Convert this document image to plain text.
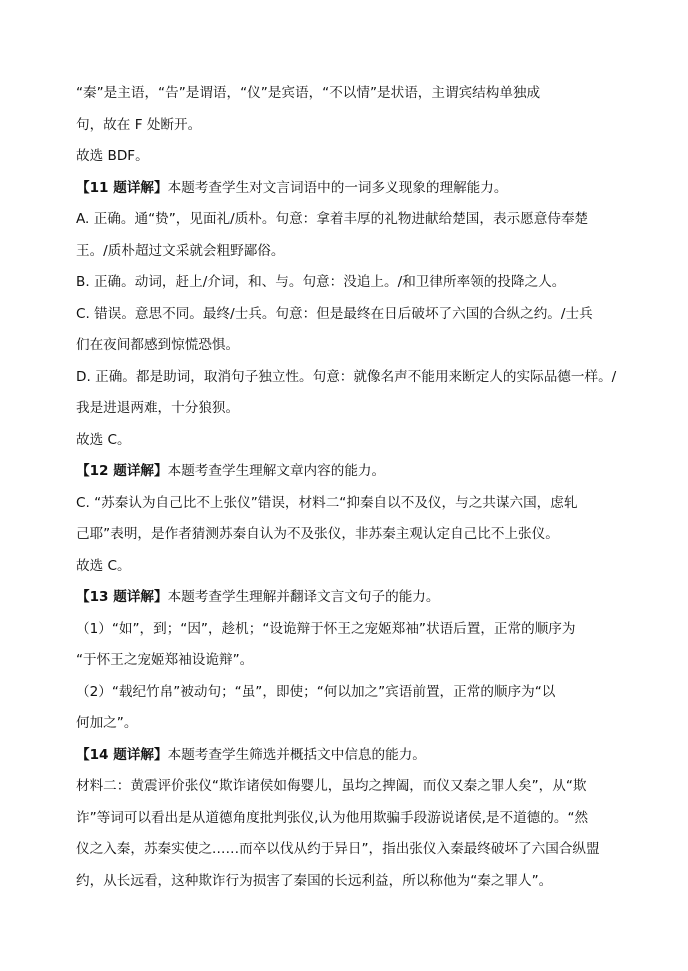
“秦”是主语，“告”是谓语，“仪”是宾语，“不以情”是状语，主谓宾结构单独成

句，故在 F 处断开。

故选 BDF。

【11 题详解】本题考查学生对文言词语中的一词多义现象的理解能力。

A. 正确。通“贽”，见面礼/质朴。句意：拿着丰厚的礼物进献给楚国，表示愿意侍奉楚

王。/质朴超过文采就会粗野鄙俗。

B. 正确。动词，赶上/介词，和、与。句意：没追上。/和卫律所率领的投降之人。

C. 错误。意思不同。最终/士兵。句意：但是最终在日后破坏了六国的合纵之约。/士兵

们在夜间都感到惊慌恐惧。

D. 正确。都是助词，取消句子独立性。句意：就像名声不能用来断定人的实际品德一样。/

我是进退两难，十分狼狈。

故选 C。

【12 题详解】本题考查学生理解文章内容的能力。

C. “苏秦认为自己比不上张仪”错误，材料二“抑秦自以不及仪，与之共谋六国，虑轧

己耶”表明，是作者猜测苏秦自认为不及张仪，非苏秦主观认定自己比不上张仪。

故选 C。

【13 题详解】本题考查学生理解并翻译文言文句子的能力。

（1）“如”，到；“因”，趁机；“设诡辩于怀王之宠姬郑袖”状语后置，正常的顺序为

“于怀王之宠姬郑袖设诡辩”。

（2）“载纪竹帛”被动句；“虽”，即使；“何以加之”宾语前置，正常的顺序为“以

何加之”。

【14 题详解】本题考查学生筛选并概括文中信息的能力。

材料二：黄震评价张仪“欺诈诸侯如侮婴儿，虽均之捭阖，而仪又秦之罪人矣”，从“欺

诈”等词可以看出是从道德角度批判张仪,认为他用欺骗手段游说诸侯,是不道德的。“然

仪之入秦，苏秦实使之……而卒以伐从约于异日”，指出张仪入秦最终破坏了六国合纵盟

约，从长远看，这种欺诈行为损害了秦国的长远利益，所以称他为“秦之罪人”。
